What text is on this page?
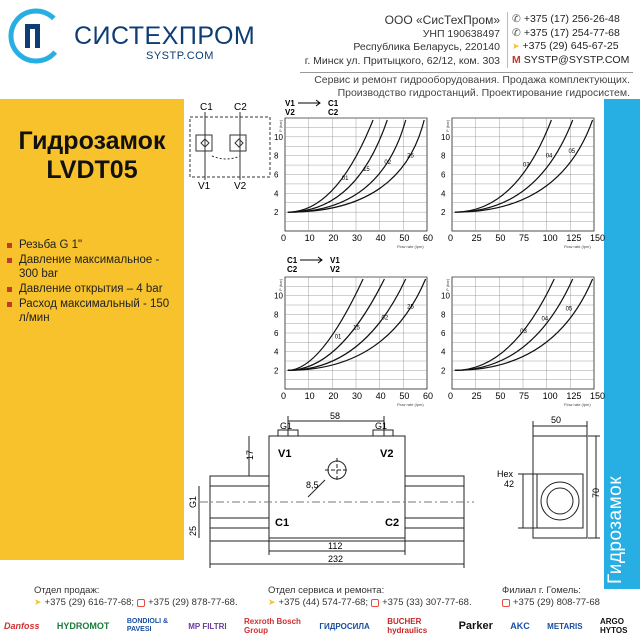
СИСТЕХПРОМ
SYSTP.COM
ООО «СисТехПром»
УНП 190638497
Республика Беларусь, 220140
г. Минск ул. Притыцкого, 62/12, ком. 303
✆ +375 (17) 256-26-48
✆ +375 (17) 254-77-68
➤ +375 (29) 645-67-25
M SYSTP@SYSTP.COM
Сервис и ремонт гидрооборудования. Продажа комплектующих.
Производство гидростанций. Проектирование гидросистем.
Гидрозамок
LVDT05
Резьба G 1"
Давление максимальное - 300 bar
Давление открытия – 4 bar
Расход максимальный - 150 л/мин
Гидрозамок
C1 C2
V1 V2
V1
V2
C1
C2
C1
C2
V1
V2
0 10 20 30 40 50 60
2
4
6
8
10
Flow rate (lpm)
P (bar)
01
15
02
25
0 25 50 75 100 125 150
2
4
6
8
10
Flow rate (lpm)
P (bar)
03
04
05
0 10 20 30 40 50 60
2
4
6
8
10
Flow rate (lpm)
P (bar)
01
15
02
25
0 25 50 75 100 125 150
2
4
6
8
10
Flow rate (lpm)
P (bar)
03
04
05
58
G1	G1
17 V1	V2
8,5
C1	C2
G1
25
112
232
50
Hex
42
70
Отдел продаж:
➤ +375 (29) 616-77-68; +375 (29) 878-77-68.
Отдел сервиса и ремонта:
➤ +375 (44) 574-77-68; +375 (33) 307-77-68.
Филиал г. Гомель:
+375 (29) 808-77-68
Danfoss HYDROMOT BONDIOLI & PAVESI	MP FILTRI Rexroth Bosch Group	ГИДРОСИЛА BUCHER hydraulics	Parker AKC METARIS ARGO HYTOS
